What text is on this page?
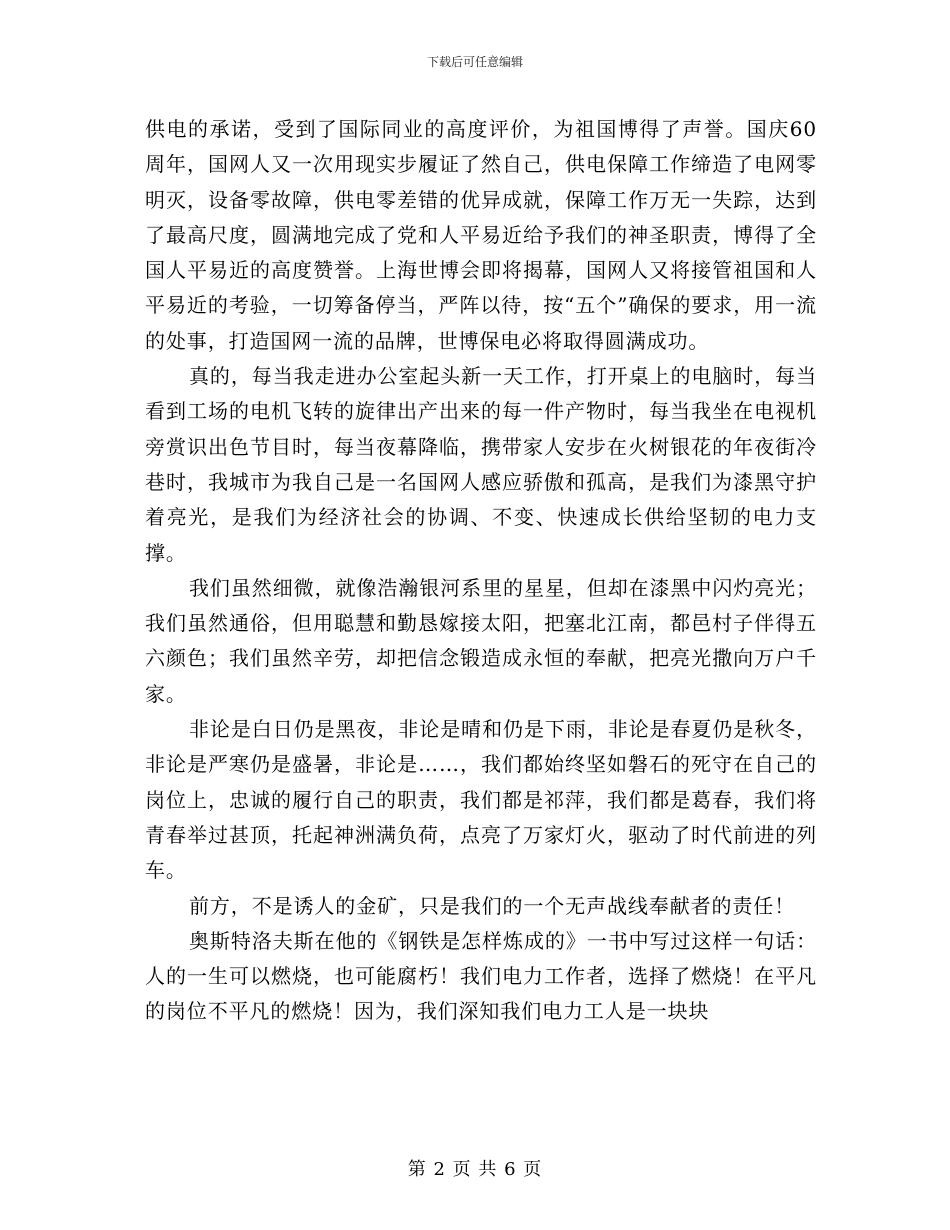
下载后可任意编辑

供电的承诺，受到了国际同业的高度评价，为祖国博得了声誉。国庆60周年，国网人又一次用现实步履证了然自己，供电保障工作缔造了电网零明灭，设备零故障，供电零差错的优异成就，保障工作万无一失踪，达到了最高尺度，圆满地完成了党和人平易近给予我们的神圣职责，博得了全国人平易近的高度赞誉。上海世博会即将揭幕，国网人又将接管祖国和人平易近的考验，一切筹备停当，严阵以待，按“五个”确保的要求，用一流的处事，打造国网一流的品牌，世博保电必将取得圆满成功。

真的，每当我走进办公室起头新一天工作，打开桌上的电脑时，每当看到工场的电机飞转的旋律出产出来的每一件产物时，每当我坐在电视机旁赏识出色节目时，每当夜幕降临，携带家人安步在火树银花的年夜街冷巷时，我城市为我自己是一名国网人感应骄傲和孤高，是我们为漆黑守护着亮光，是我们为经济社会的协调、不变、快速成长供给坚韧的电力支撑。

我们虽然细微，就像浩瀚银河系里的星星，但却在漆黑中闪灼亮光；我们虽然通俗，但用聪慧和勤恳嫁接太阳，把塞北江南，都邑村子伴得五六颜色；我们虽然辛劳，却把信念锻造成永恒的奉献，把亮光撒向万户千家。

非论是白日仍是黑夜，非论是晴和仍是下雨，非论是春夏仍是秋冬，非论是严寒仍是盛暑，非论是……，我们都始终坚如磐石的死守在自己的岗位上，忠诚的履行自己的职责，我们都是祁萍，我们都是葛春，我们将青春举过甚顶，托起神洲满负荷，点亮了万家灯火，驱动了时代前进的列车。

前方，不是诱人的金矿，只是我们的一个无声战线奉献者的责任！

奥斯特洛夫斯在他的《钢铁是怎样炼成的》一书中写过这样一句话：人的一生可以燃烧，也可能腐朽！我们电力工作者，选择了燃烧！在平凡的岗位不平凡的燃烧！因为，我们深知我们电力工人是一块块

第 2 页 共 6 页
